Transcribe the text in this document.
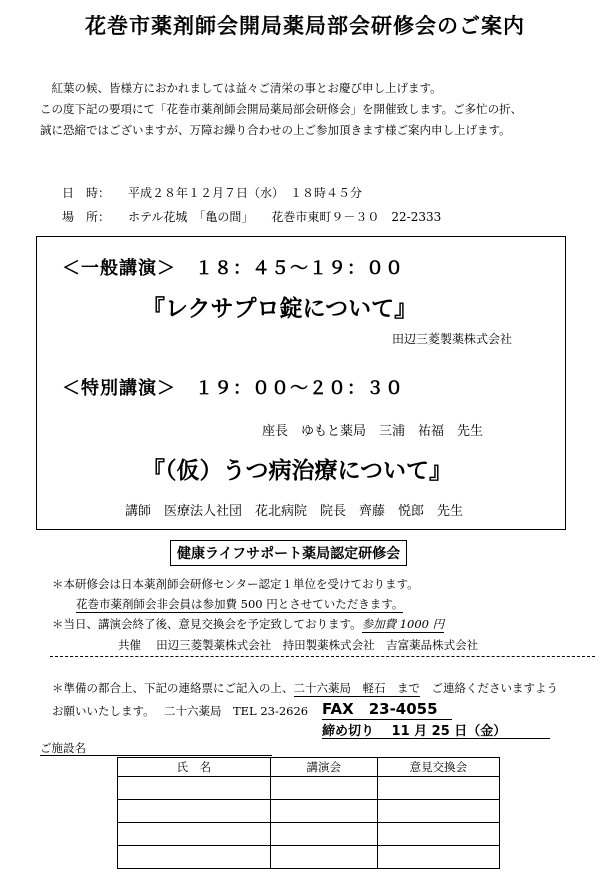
花巻市薬剤師会開局薬局部会研修会のご案内
　紅葉の候、皆様方におかれましては益々ご清栄の事とお慶び申し上げます。
この度下記の要項にて「花巻市薬剤師会開局薬局部会研修会」を開催致します。ご多忙の折、
誠に恐縮ではございますが、万障お繰り合わせの上ご参加頂きます様ご案内申し上げます。
日　時： 平成２８年１２月７日（水）　１８時４５分
場　所： ホテル花城　「亀の間」　　花巻市東町９－３０　22-2333
＜一般講演＞　１８：４５～１９：００
『レクサプロ錠について』
田辺三菱製薬株式会社
＜特別講演＞　１９：００～２０：３０
座長　ゆもと薬局　三浦　祐福　先生
『（仮）うつ病治療について』
講師　医療法人社団　花北病院　院長　齊藤　悦郎　先生
健康ライフサポート薬局認定研修会
＊本研修会は日本薬剤師会研修センター認定１単位を受けております。
花巻市薬剤師会非会員は参加費 500 円とさせていただきます。
＊当日、講演会終了後、意見交換会を予定致しております。参加費 1000 円
共催　 田辺三菱製薬株式会社　持田製薬株式会社　吉富薬品株式会社
＊準備の都合上、下記の連絡票にご記入の上、二十六薬局　軽石　まで　ご連絡くださいますよう
お願いいたします。　 二十六薬局　TEL 23-2626 FAX　23-4055
締め切り　 11 月 25 日（金）
ご施設名
氏　名	講演会	意見交換会
